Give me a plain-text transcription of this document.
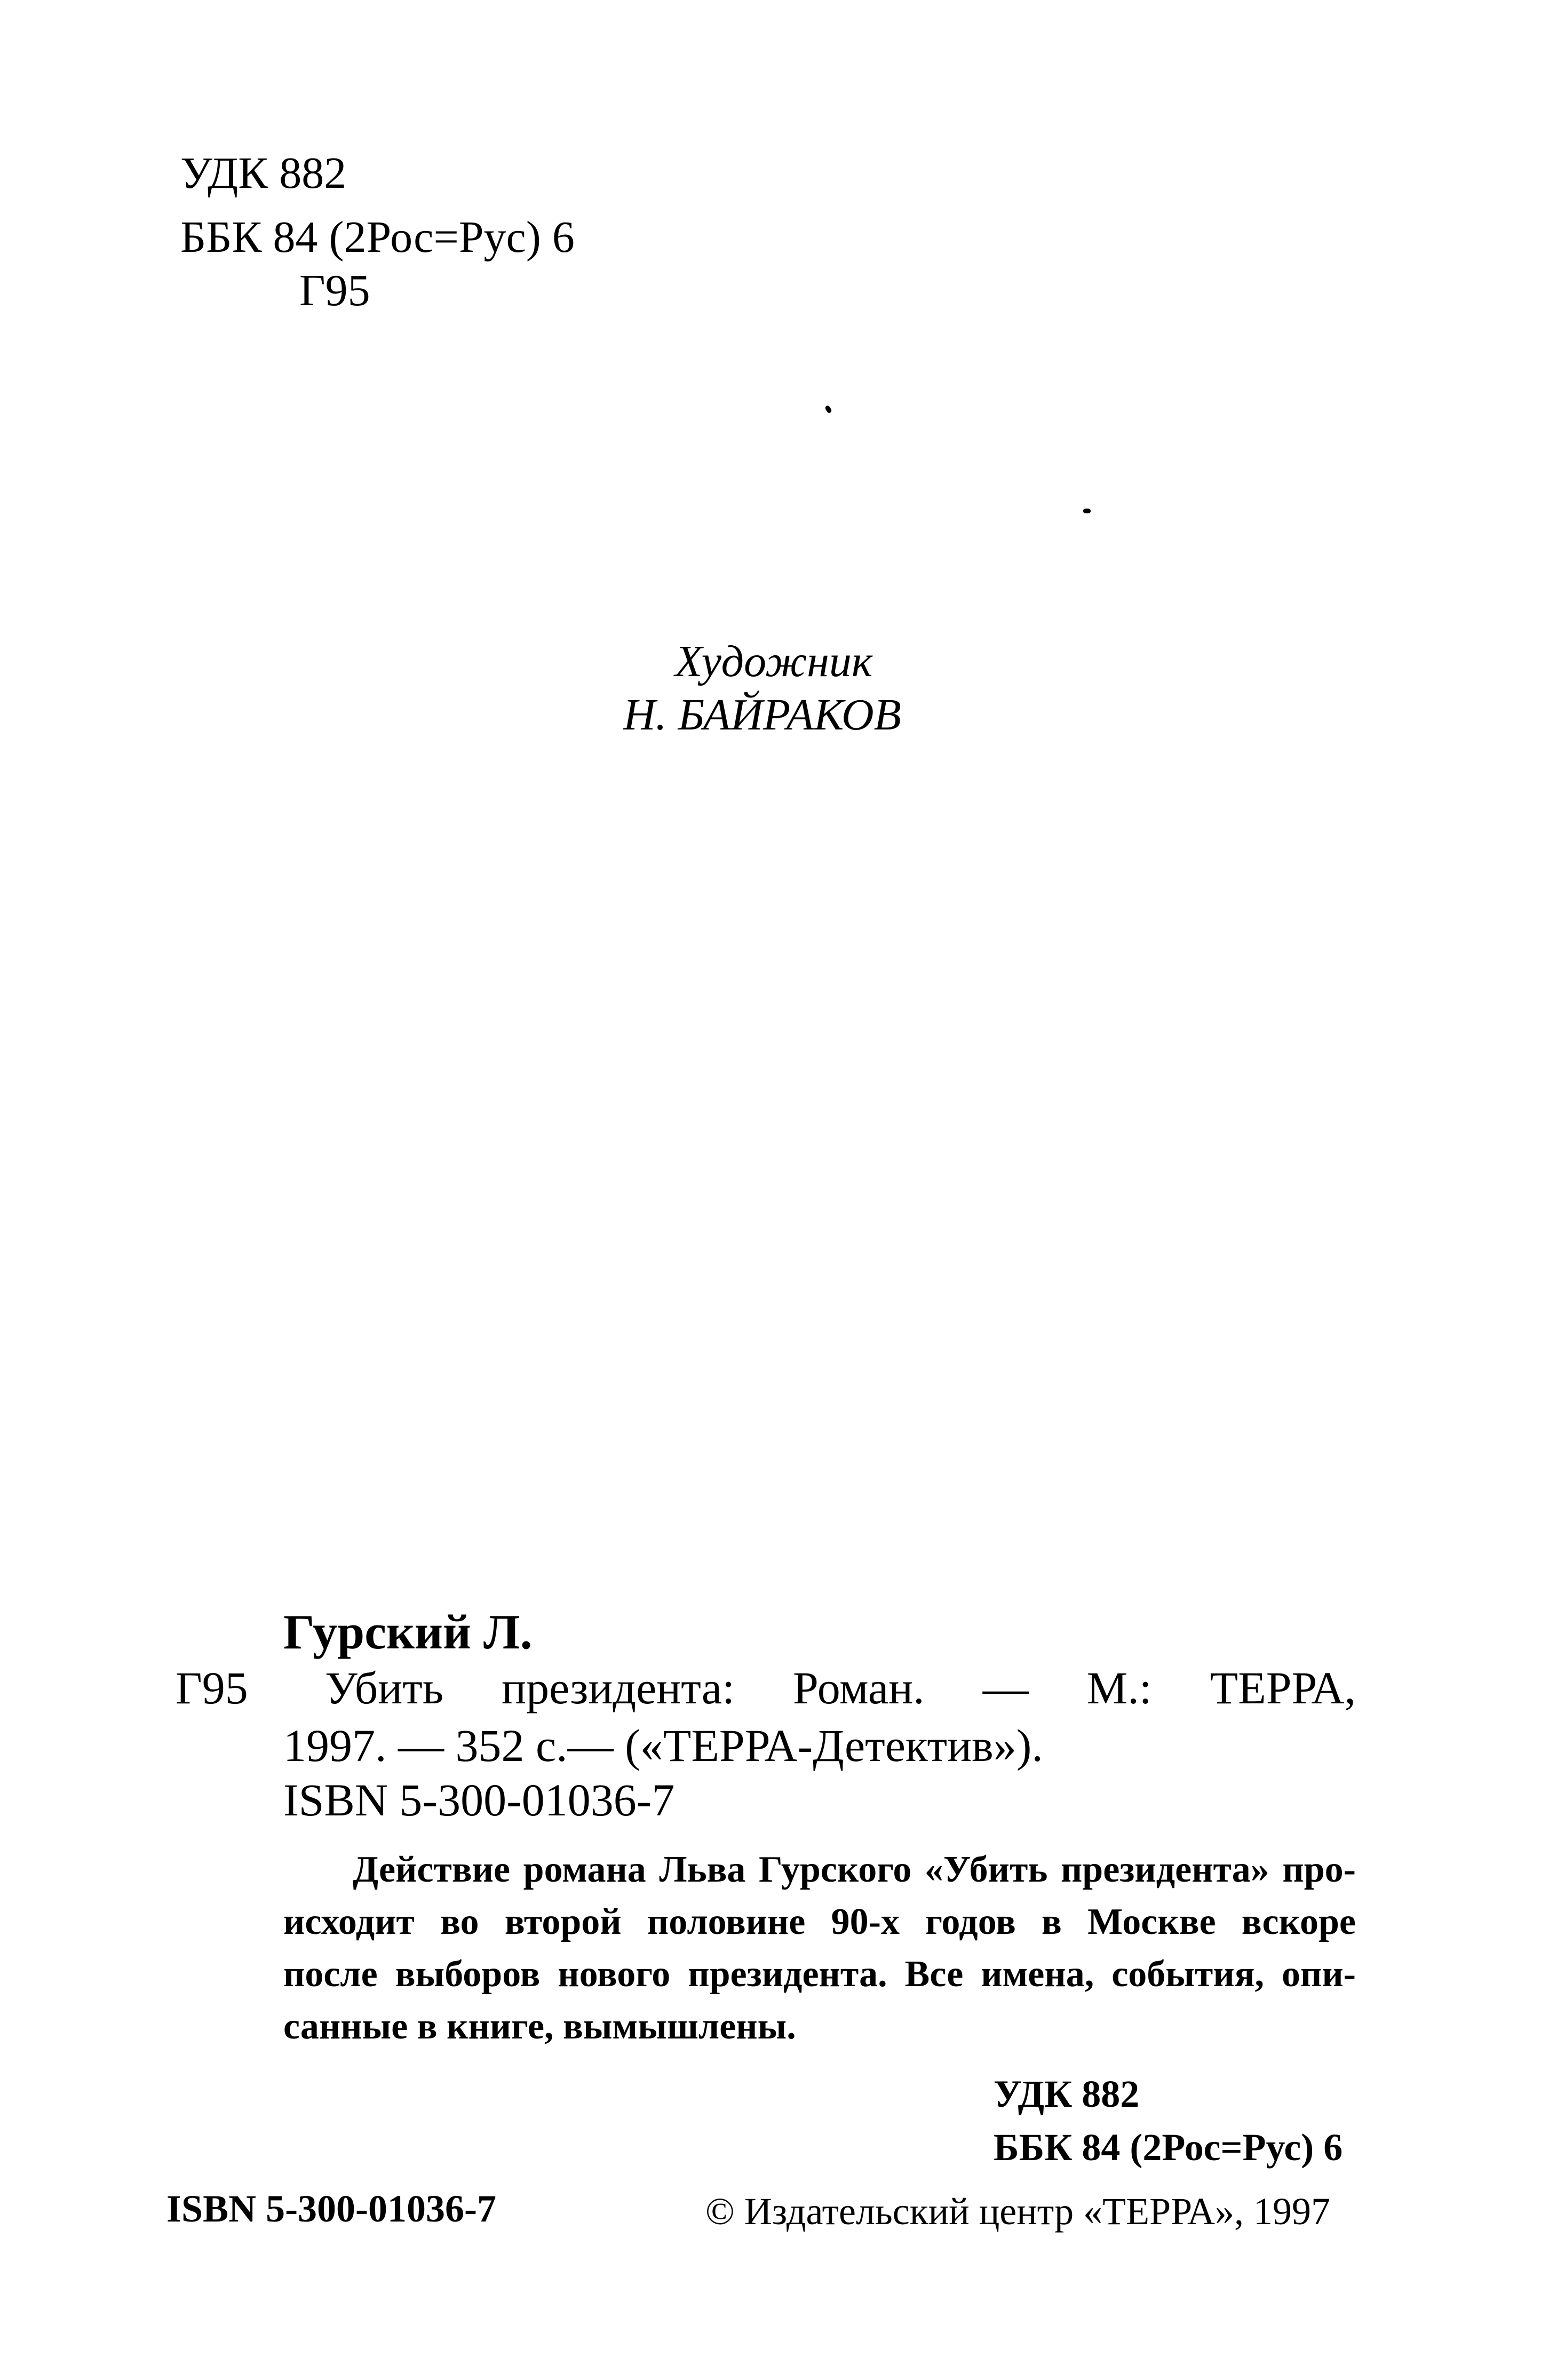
УДК 882
ББК 84 (2Рос=Рус) 6
Г95
Художник
Н. БАЙРАКОВ
Гурский Л.
Г95 Убить президента: Роман. — М.: ТЕРРА,
1997. — 352 с.— («ТЕРРА-Детектив»).
ISBN 5-300-01036-7
Действие романа Льва Гурского «Убить президента» про-
исходит во второй половине 90-х годов в Москве вскоре
после выборов нового президента. Все имена, события, опи-
санные в книге, вымышлены.
УДК 882
ББК 84 (2Рос=Рус) 6
ISBN 5-300-01036-7	© Издательский центр «ТЕРРА», 1997
